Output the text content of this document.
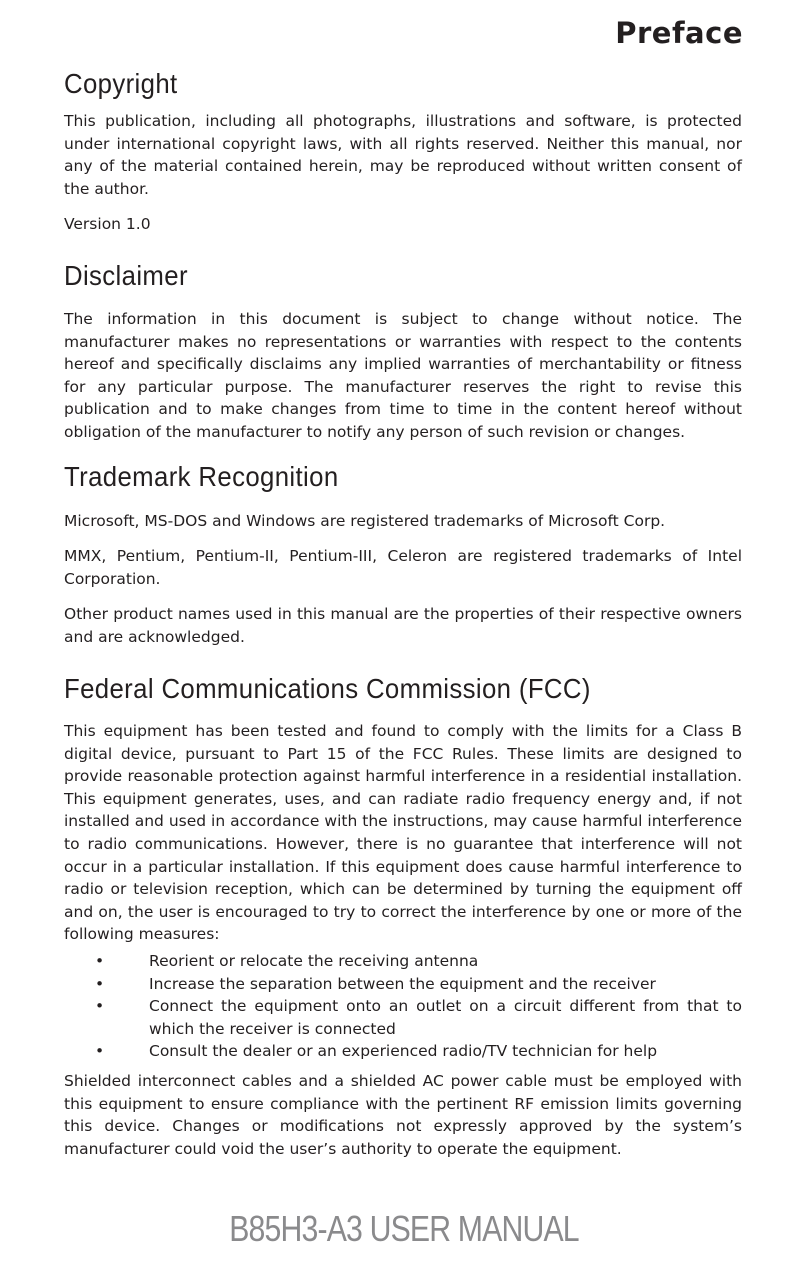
Preface
Copyright

This publication, including all photographs, illustrations and software, is protected under international copyright laws, with all rights reserved. Neither this manual, nor any of the material contained herein, may be reproduced without written consent of the author.

Version 1.0

Disclaimer

The information in this document is subject to change without notice. The manufacturer makes no representations or warranties with respect to the contents hereof and specifically disclaims any implied warranties of merchantability or fitness for any particular purpose. The manufacturer reserves the right to revise this publication and to make changes from time to time in the content hereof without obligation of the manufacturer to notify any person of such revision or changes.

Trademark Recognition

Microsoft, MS-DOS and Windows are registered trademarks of Microsoft Corp.

MMX, Pentium, Pentium-II, Pentium-III, Celeron are registered trademarks of Intel Corporation.

Other product names used in this manual are the properties of their respective owners and are acknowledged.

Federal Communications Commission (FCC)

This equipment has been tested and found to comply with the limits for a Class B digital device, pursuant to Part 15 of the FCC Rules. These limits are designed to provide reasonable protection against harmful interference in a residential installation. This equipment generates, uses, and can radiate radio frequency energy and, if not installed and used in accordance with the instructions, may cause harmful interference to radio communications. However, there is no guarantee that interference will not occur in a particular installation. If this equipment does cause harmful interference to radio or television reception, which can be determined by turning the equipment off and on, the user is encouraged to try to correct the interference by one or more of the following measures:

•	Reorient or relocate the receiving antenna
•	Increase the separation between the equipment and the receiver
•	Connect the equipment onto an outlet on a circuit different from that to which the receiver is connected
•	Consult the dealer or an experienced radio/TV technician for help

Shielded interconnect cables and a shielded AC power cable must be employed with this equipment to ensure compliance with the pertinent RF emission limits governing this device. Changes or modifications not expressly approved by the system’s manufacturer could void the user’s authority to operate the equipment.

B85H3-A3 USER MANUAL
